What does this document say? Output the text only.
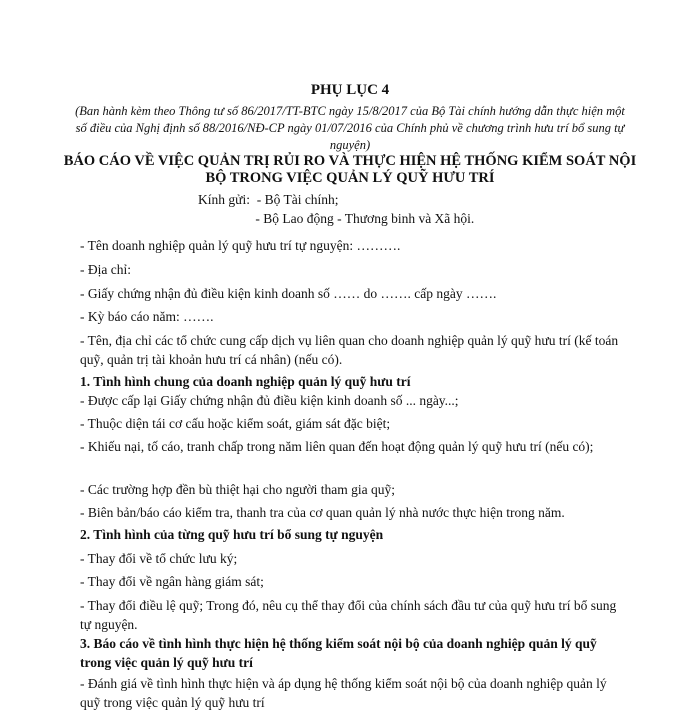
PHỤ LỤC 4

(Ban hành kèm theo Thông tư số 86/2017/TT-BTC ngày 15/8/2017 của Bộ Tài chính hướng dẫn thực hiện một số điều của Nghị định số 88/2016/NĐ-CP ngày 01/07/2016 của Chính phủ về chương trình hưu trí bổ sung tự nguyện)

BÁO CÁO VỀ VIỆC QUẢN TRỊ RỦI RO VÀ THỰC HIỆN HỆ THỐNG KIỂM SOÁT NỘI BỘ TRONG VIỆC QUẢN LÝ QUỸ HƯU TRÍ

Kính gửi:  - Bộ Tài chính;
- Bộ Lao động - Thương binh và Xã hội.

- Tên doanh nghiệp quản lý quỹ hưu trí tự nguyện: ……….

- Địa chỉ:

- Giấy chứng nhận đủ điều kiện kinh doanh số …… do ……. cấp ngày …….

- Kỳ báo cáo năm: …….

- Tên, địa chỉ các tổ chức cung cấp dịch vụ liên quan cho doanh nghiệp quản lý quỹ hưu trí (kế toán quỹ, quản trị tài khoản hưu trí cá nhân) (nếu có).

1. Tình hình chung của doanh nghiệp quản lý quỹ hưu trí

- Được cấp lại Giấy chứng nhận đủ điều kiện kinh doanh số ... ngày...;

- Thuộc diện tái cơ cấu hoặc kiểm soát, giám sát đặc biệt;

- Khiếu nại, tố cáo, tranh chấp trong năm liên quan đến hoạt động quản lý quỹ hưu trí (nếu có);

- Các trường hợp đền bù thiệt hại cho người tham gia quỹ;

- Biên bản/báo cáo kiểm tra, thanh tra của cơ quan quản lý nhà nước thực hiện trong năm.

2. Tình hình của từng quỹ hưu trí bổ sung tự nguyện

- Thay đổi về tổ chức lưu ký;

- Thay đổi về ngân hàng giám sát;

- Thay đổi điều lệ quỹ; Trong đó, nêu cụ thể thay đổi của chính sách đầu tư của quỹ hưu trí bổ sung tự nguyện.

3. Báo cáo về tình hình thực hiện hệ thống kiểm soát nội bộ của doanh nghiệp quản lý quỹ trong việc quản lý quỹ hưu trí

- Đánh giá về tình hình thực hiện và áp dụng hệ thống kiểm soát nội bộ của doanh nghiệp quản lý quỹ trong việc quản lý quỹ hưu trí
